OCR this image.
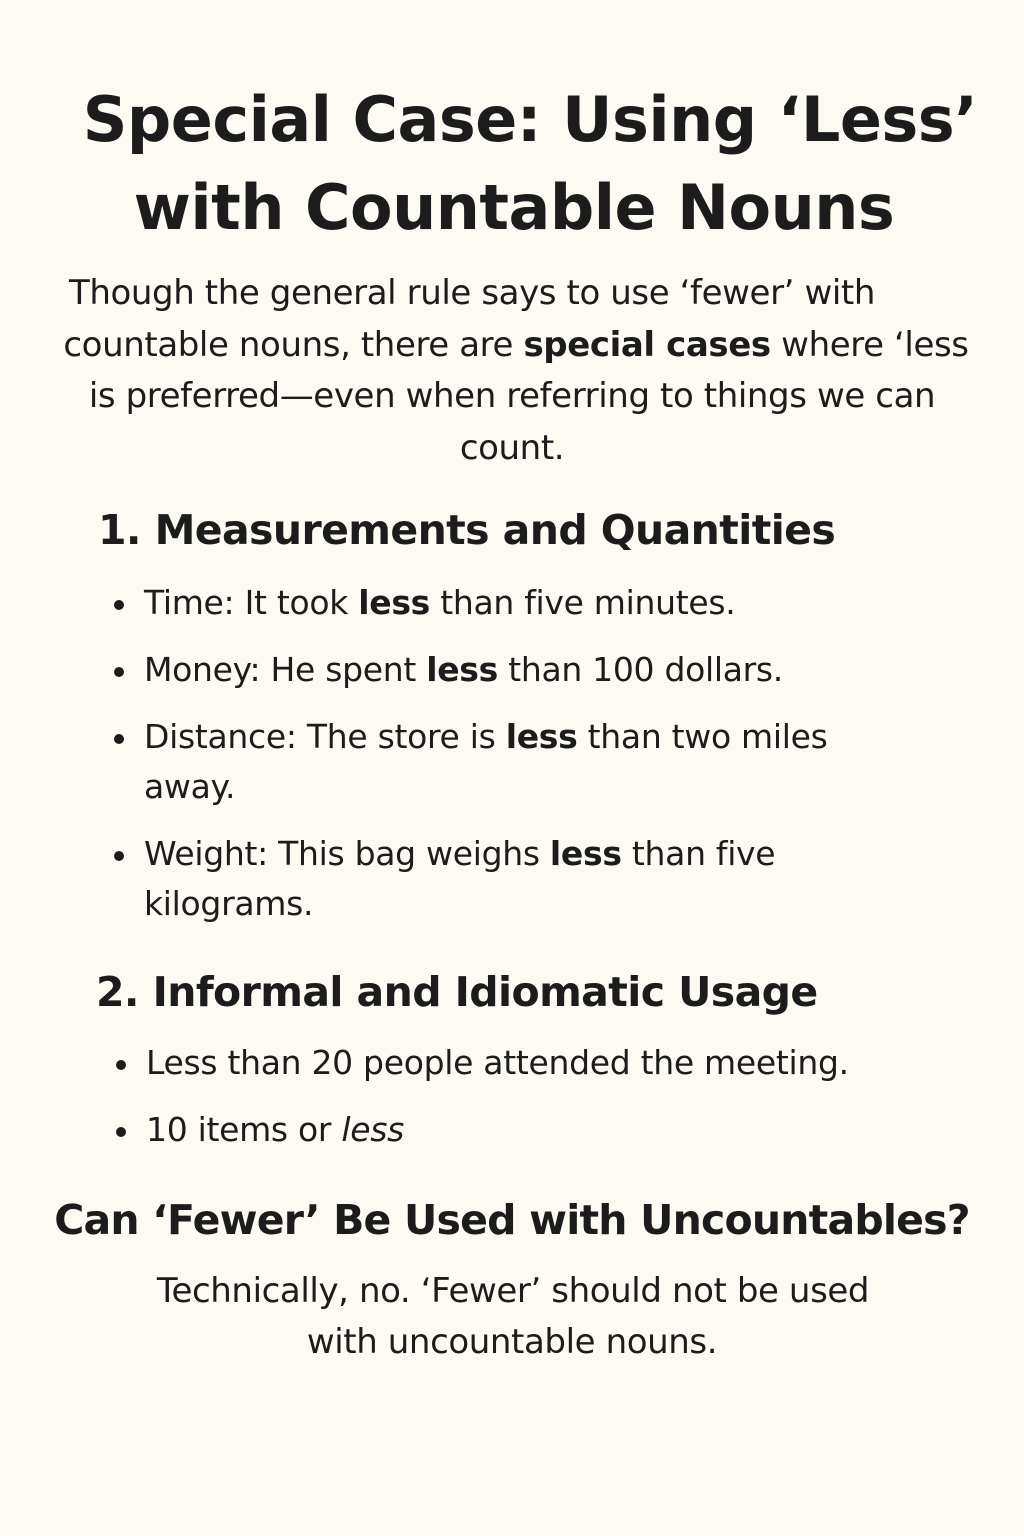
Special Case: Using ‘Less’
with Countable Nouns

Though the general rule says to use ‘fewer’ with
countable nouns, there are special cases where ‘less
is preferred—even when referring to things we can
count.

1. Measurements and Quantities
Time: It took less than five minutes.
Money: He spent less than 100 dollars.
Distance: The store is less than two miles away.
Weight: This bag weighs less than five kilograms.
2. Informal and Idiomatic Usage
Less than 20 people attended the meeting.
10 items or less
Can ‘Fewer’ Be Used with Uncountables?

Technically, no. ‘Fewer’ should not be used
with uncountable nouns.
